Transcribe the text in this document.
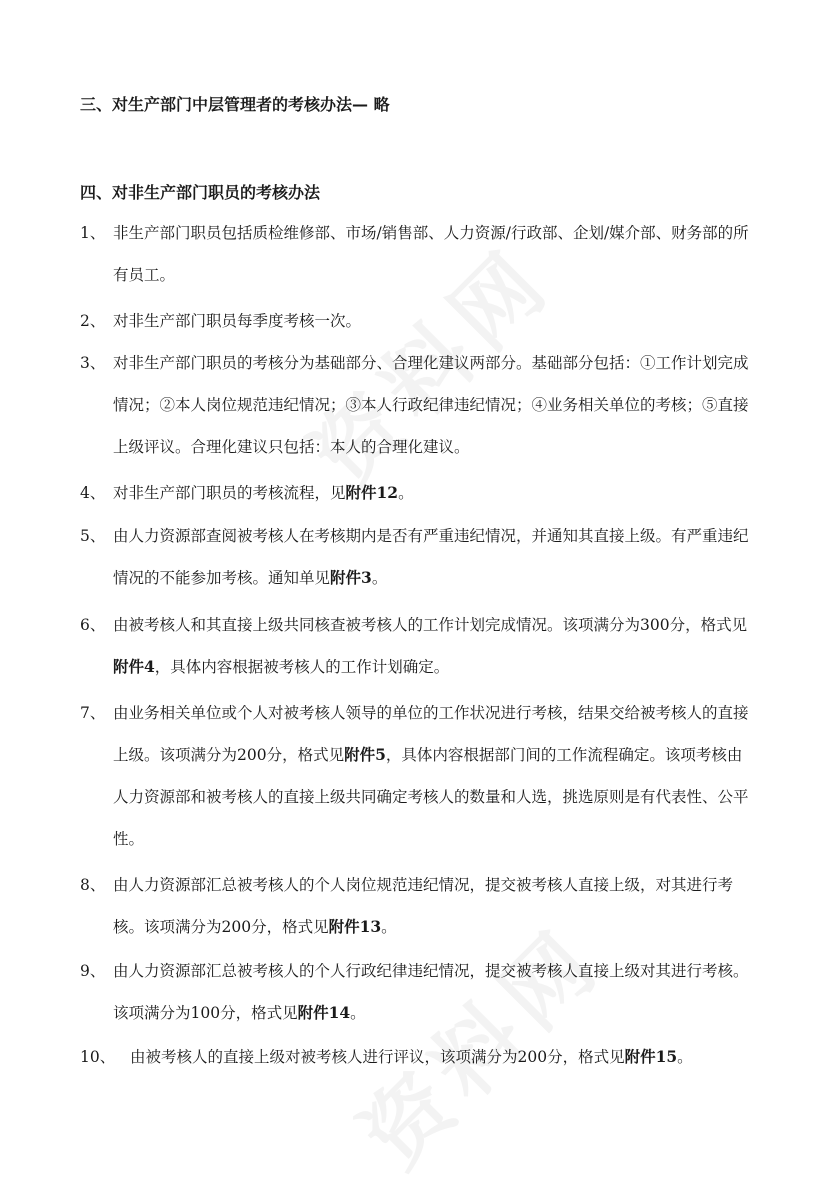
三、对生产部门中层管理者的考核办法— 略
四、对非生产部门职员的考核办法
1、 非生产部门职员包括质检维修部、市场/销售部、人力资源/行政部、企划/媒介部、财务部的所有员工。
2、 对非生产部门职员每季度考核一次。
3、 对非生产部门职员的考核分为基础部分、合理化建议两部分。基础部分包括：①工作计划完成情况；②本人岗位规范违纪情况；③本人行政纪律违纪情况；④业务相关单位的考核；⑤直接上级评议。合理化建议只包括：本人的合理化建议。
4、 对非生产部门职员的考核流程，见附件12。
5、 由人力资源部查阅被考核人在考核期内是否有严重违纪情况，并通知其直接上级。有严重违纪情况的不能参加考核。通知单见附件3。
6、 由被考核人和其直接上级共同核查被考核人的工作计划完成情况。该项满分为300分，格式见附件4，具体内容根据被考核人的工作计划确定。
7、 由业务相关单位或个人对被考核人领导的单位的工作状况进行考核，结果交给被考核人的直接上级。该项满分为200分，格式见附件5，具体内容根据部门间的工作流程确定。该项考核由人力资源部和被考核人的直接上级共同确定考核人的数量和人选，挑选原则是有代表性、公平性。
8、 由人力资源部汇总被考核人的个人岗位规范违纪情况，提交被考核人直接上级，对其进行考核。该项满分为200分，格式见附件13。
9、 由人力资源部汇总被考核人的个人行政纪律违纪情况，提交被考核人直接上级对其进行考核。该项满分为100分，格式见附件14。
10、 由被考核人的直接上级对被考核人进行评议，该项满分为200分，格式见附件15。
